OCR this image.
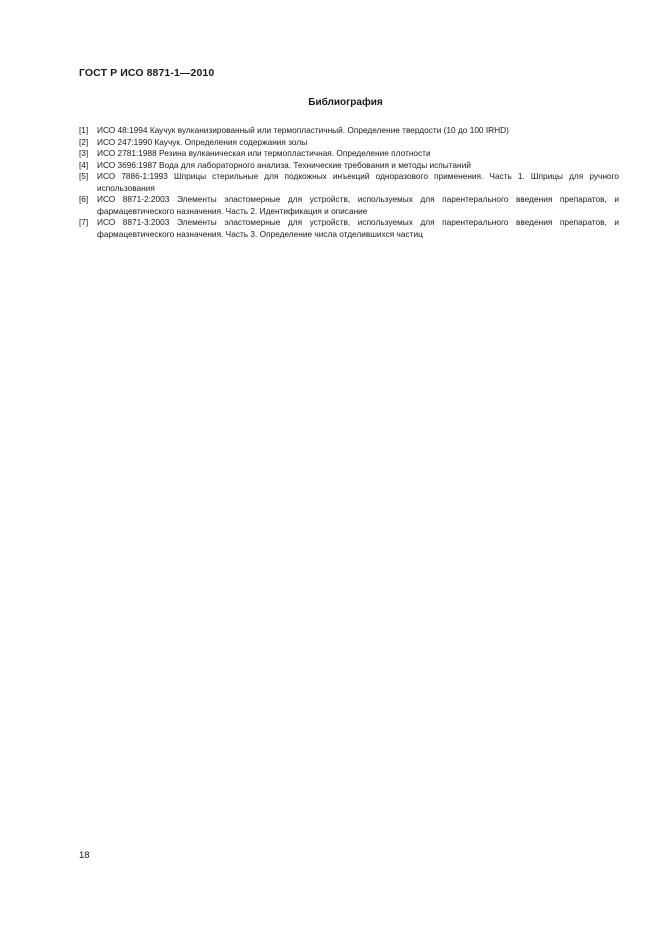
ГОСТ Р ИСО 8871-1—2010
Библиография
[1]	ИСО 48:1994 Каучук вулканизированный или термопластичный. Определение твердости (10 до 100 IRHD)
[2]	ИСО 247:1990 Каучук. Определения содержания золы
[3]	ИСО 2781:1988 Резина вулканическая или термопластичная. Определение плотности
[4]	ИСО 3696:1987 Вода для лабораторного анализа. Технические требования и методы испытаний
[5]	ИСО 7886-1:1993 Шприцы стерильные для подкожных инъекций одноразового применения. Часть 1. Шприцы для ручного использования
[6]	ИСО 8871-2:2003 Элементы эластомерные для устройств, используемых для парентерального введения препаратов, и фармацевтического назначения. Часть 2. Идентификация и описание
[7]	ИСО 8871-3:2003 Элементы эластомерные для устройств, используемых для парентерального введения препаратов, и фармацевтического назначения. Часть 3. Определение числа отделившихся частиц
18
